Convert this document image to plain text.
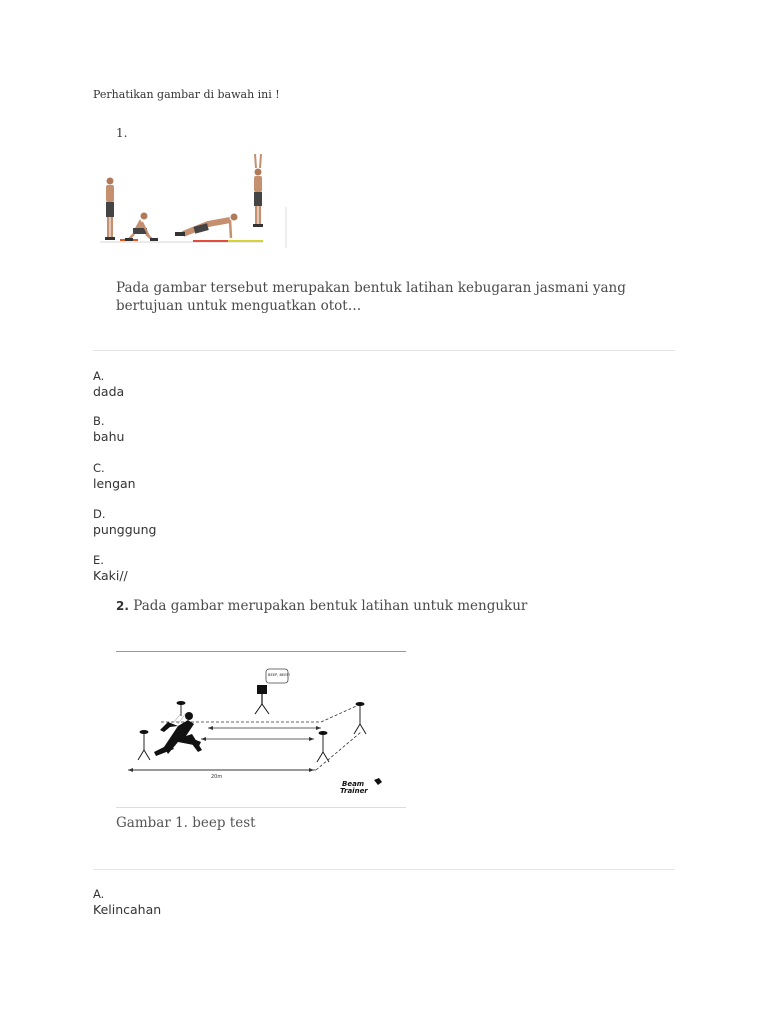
Perhatikan gambar di bawah ini !
1.
Pada gambar tersebut merupakan bentuk latihan kebugaran jasmani yang bertujuan untuk menguatkan otot…
A.
dada
B.
bahu
C.
lengan
D.
punggung
E.
Kaki//
2. Pada gambar merupakan bentuk latihan untuk mengukur
BEEP, BEEP!
20m
Beam
Trainer
Gambar 1. beep test
A.
Kelincahan
